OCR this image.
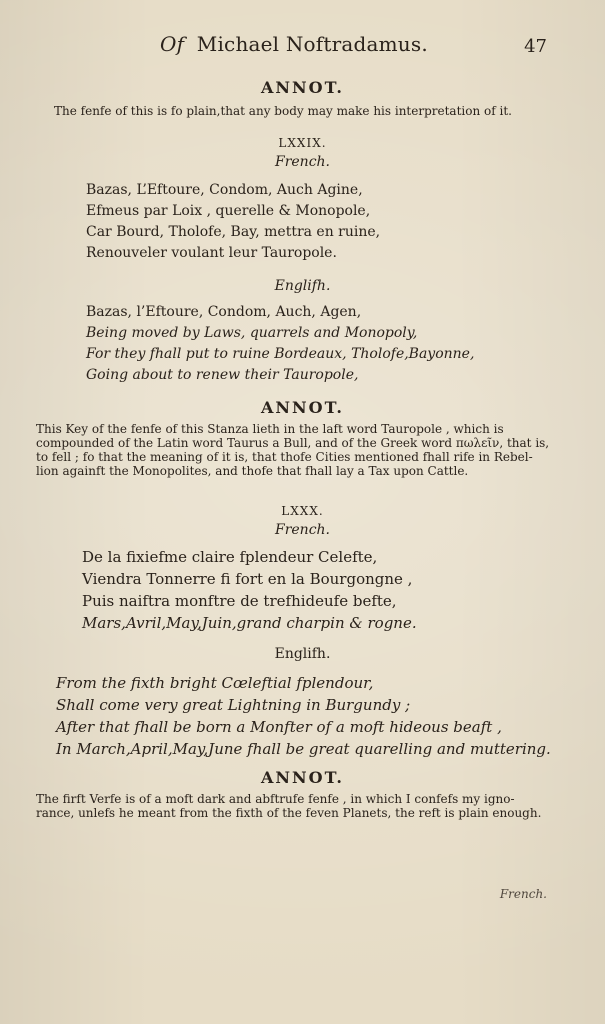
Of Michael Noftradamus.	47
ANNOT.
The fenfe of this is fo plain,that any body may make his interpretation of it.
LXXIX.
French.
Bazas, L’Eftoure, Condom, Auch Agine,
Efmeus par Loix , querelle & Monopole,
Car Bourd, Tholofe, Bay, mettra en ruine,
Renouveler voulant leur Tauropole.
Englifh.
Bazas, l’Eftoure, Condom, Auch, Agen,
Being moved by Laws, quarrels and Monopoly,
For they fhall put to ruine Bordeaux, Tholofe,Bayonne,
Going about to renew their Tauropole,
ANNOT.
This Key of the fenfe of this Stanza lieth in the laft word Tauropole , which is
compounded of the Latin word Taurus a Bull, and of the Greek word πωλεῖν, that is,
to fell ; fo that the meaning of it is, that thofe Cities mentioned fhall rife in Rebel-
lion againft the Monopolites, and thofe that fhall lay a Tax upon Cattle.
LXXX.
French.
De la fixiefme claire fplendeur Celefte,
Viendra Tonnerre fi fort en la Bourgongne ,
Puis naiftra monftre de trefhideufe befte,
Mars,Avril,May,Juin,grand charpin & rogne.
Englifh.
From the fixth bright Cœleftial fplendour,
Shall come very great Lightning in Burgundy ;
After that fhall be born a Monfter of a moft hideous beaft ,
In March,April,May,June fhall be great quarelling and muttering.
ANNOT.
The firft Verfe is of a moft dark and abftrufe fenfe , in which I confefs my igno-
rance, unlefs he meant from the fixth of the feven Planets, the reft is plain enough.
French.
